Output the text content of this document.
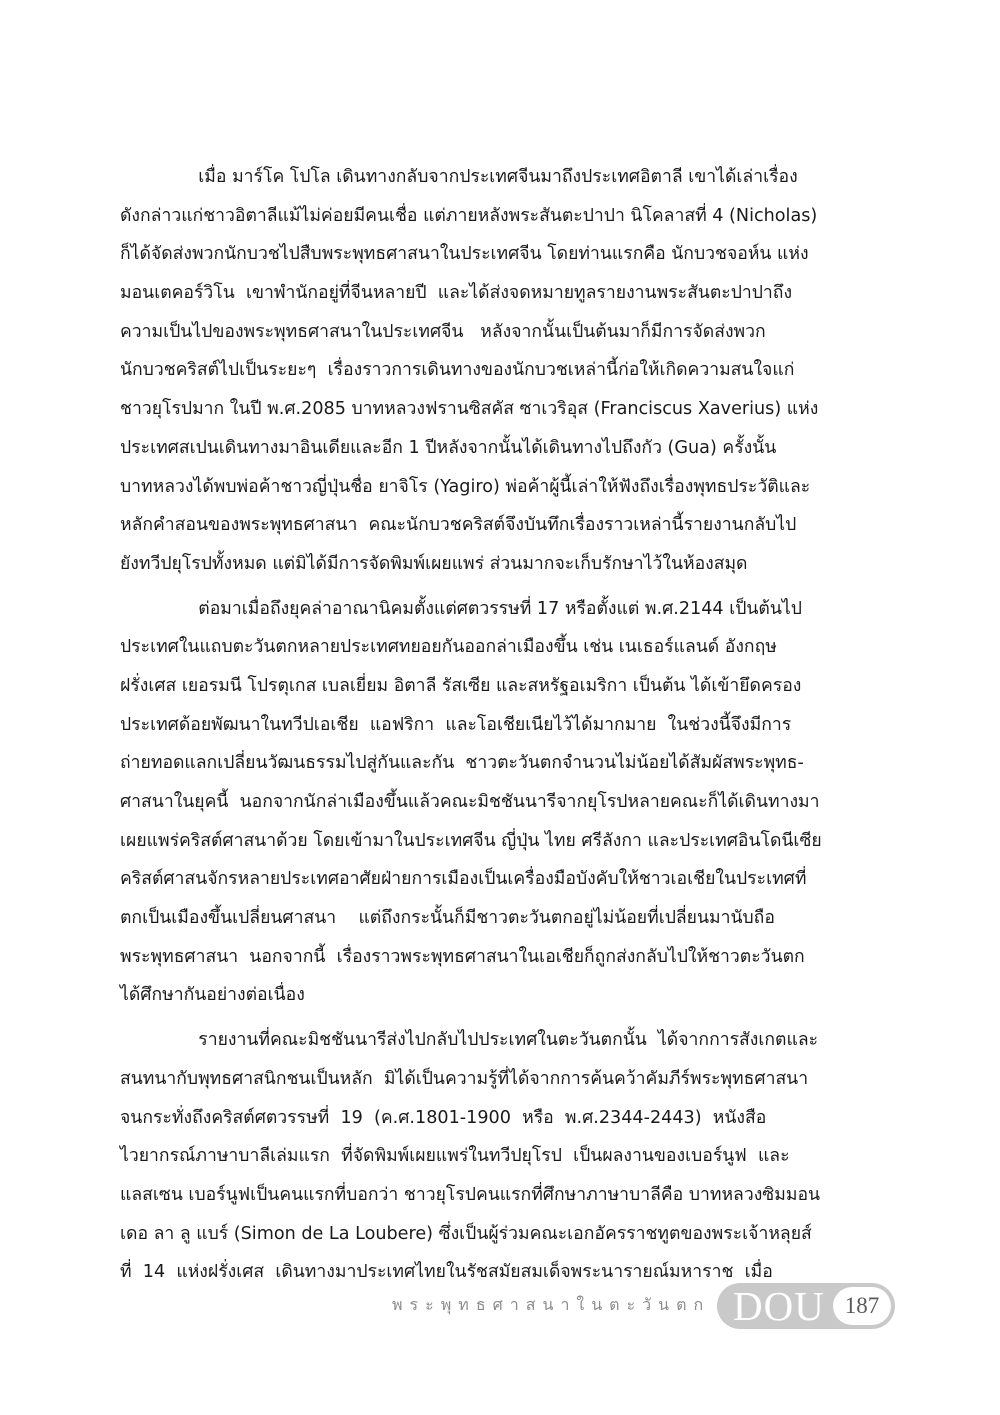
เมื่อ มาร์โค โปโล เดินทางกลับจากประเทศจีนมาถึงประเทศอิตาลี เขาได้เล่าเรื่อง
ดังกล่าวแก่ชาวอิตาลีแม้ไม่ค่อยมีคนเชื่อ แต่ภายหลังพระสันตะปาปา นิโคลาสที่ 4 (Nicholas)
ก็ได้จัดส่งพวกนักบวชไปสืบพระพุทธศาสนาในประเทศจีน โดยท่านแรกคือ นักบวชจอห์น แห่ง
มอนเตคอร์วิโน  เขาพำนักอยู่ที่จีนหลายปี  และได้ส่งจดหมายทูลรายงานพระสันตะปาปาถึง
ความเป็นไปของพระพุทธศาสนาในประเทศจีน   หลังจากนั้นเป็นต้นมาก็มีการจัดส่งพวก
นักบวชคริสต์ไปเป็นระยะๆ  เรื่องราวการเดินทางของนักบวชเหล่านี้ก่อให้เกิดความสนใจแก่
ชาวยุโรปมาก ในปี พ.ศ.2085 บาทหลวงฟรานซิสคัส ซาเวริอุส (Franciscus Xaverius) แห่ง
ประเทศสเปนเดินทางมาอินเดียและอีก 1 ปีหลังจากนั้นได้เดินทางไปถึงกัว (Gua) ครั้งนั้น
บาทหลวงได้พบพ่อค้าชาวญี่ปุ่นชื่อ ยาจิโร (Yagiro) พ่อค้าผู้นี้เล่าให้ฟังถึงเรื่องพุทธประวัติและ
หลักคำสอนของพระพุทธศาสนา  คณะนักบวชคริสต์จึงบันทึกเรื่องราวเหล่านี้รายงานกลับไป
ยังทวีปยุโรปทั้งหมด แต่มิได้มีการจัดพิมพ์เผยแพร่ ส่วนมากจะเก็บรักษาไว้ในห้องสมุด
ต่อมาเมื่อถึงยุคล่าอาณานิคมตั้งแต่ศตวรรษที่ 17 หรือตั้งแต่ พ.ศ.2144 เป็นต้นไป
ประเทศในแถบตะวันตกหลายประเทศทยอยกันออกล่าเมืองขึ้น เช่น เนเธอร์แลนด์ อังกฤษ
ฝรั่งเศส เยอรมนี โปรตุเกส เบลเยี่ยม อิตาลี รัสเซีย และสหรัฐอเมริกา เป็นต้น ได้เข้ายึดครอง
ประเทศด้อยพัฒนาในทวีปเอเชีย  แอฟริกา  และโอเชียเนียไว้ได้มากมาย  ในช่วงนี้จึงมีการ
ถ่ายทอดแลกเปลี่ยนวัฒนธรรมไปสู่กันและกัน  ชาวตะวันตกจำนวนไม่น้อยได้สัมผัสพระพุทธ-
ศาสนาในยุคนี้  นอกจากนักล่าเมืองขึ้นแล้วคณะมิชชันนารีจากยุโรปหลายคณะก็ได้เดินทางมา
เผยแพร่คริสต์ศาสนาด้วย โดยเข้ามาในประเทศจีน ญี่ปุ่น ไทย ศรีลังกา และประเทศอินโดนีเซีย
คริสต์ศาสนจักรหลายประเทศอาศัยฝ่ายการเมืองเป็นเครื่องมือบังคับให้ชาวเอเชียในประเทศที่
ตกเป็นเมืองขึ้นเปลี่ยนศาสนา    แต่ถึงกระนั้นก็มีชาวตะวันตกอยู่ไม่น้อยที่เปลี่ยนมานับถือ
พระพุทธศาสนา  นอกจากนี้  เรื่องราวพระพุทธศาสนาในเอเชียก็ถูกส่งกลับไปให้ชาวตะวันตก
ได้ศึกษากันอย่างต่อเนื่อง
รายงานที่คณะมิชชันนารีส่งไปกลับไปประเทศในตะวันตกนั้น  ได้จากการสังเกตและ
สนทนากับพุทธศาสนิกชนเป็นหลัก  มิได้เป็นความรู้ที่ได้จากการค้นคว้าคัมภีร์พระพุทธศาสนา
จนกระทั่งถึงคริสต์ศตวรรษที่  19  (ค.ศ.1801-1900  หรือ  พ.ศ.2344-2443)  หนังสือ
ไวยากรณ์ภาษาบาลีเล่มแรก  ที่จัดพิมพ์เผยแพร่ในทวีปยุโรป  เป็นผลงานของเบอร์นูฟ  และ
แลสเซน เบอร์นูฟเป็นคนแรกที่บอกว่า ชาวยุโรปคนแรกที่ศึกษาภาษาบาลีคือ บาทหลวงซิมมอน
เดอ ลา ลู แบร์ (Simon de La Loubere) ซึ่งเป็นผู้ร่วมคณะเอกอัครราชทูตของพระเจ้าหลุยส์
ที่  14  แห่งฝรั่งเศส  เดินทางมาประเทศไทยในรัชสมัยสมเด็จพระนารายณ์มหาราช  เมื่อ
พระพุทธศาสนาในตะวันตก DOU 187
